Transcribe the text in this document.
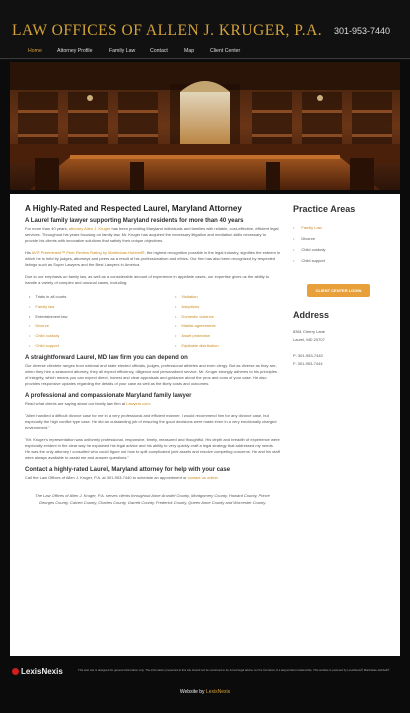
LAW OFFICES OF ALLEN J. KRUGER, P.A. 301-953-7440
Home	Attorney Profile	Family Law	Contact	Map	Client Center
A Highly-Rated and Respected Laurel, Maryland Attorney
A Laurel family lawyer supporting Maryland residents for more than 40 years

For more than 40 years, attorney Allen J. Kruger has been providing Maryland individuals and families with reliable, cost-effective, efficient legal services. Throughout his years focusing on family law, Mr. Kruger has acquired the necessary litigation and mediation skills necessary to provide his clients with innovative solutions that satisfy their unique objectives.

His AV® Preeminent™ Peer Review Rating by Martindale-Hubbell®, the highest recognition possible in the legal industry, signifies the esteem in which he is held by judges, attorneys and peers as a result of his professionalism and ethics. Our firm has also been recognized by respected listings such as Super Lawyers and the Best Lawyers in America.

Due to our emphasis on family law, as well as a considerable amount of experience in appellate cases, our expertise gives us the ability to handle a variety of complex and unusual cases, including:

• Trials in all courts
• Family law
• Entertainment law
• Divorce
• Child custody
• Child support
• Visitation
• Adoptions
• Domestic violence
• Marital agreements
• Asset protection
• Equitable distribution
A straightforward Laurel, MD law firm you can depend on

Our diverse clientele ranges from national and state elected officials, judges, professional athletes and even clergy. But as diverse as they are, when they hire a seasoned attorney, they all expect efficiency, diligence and personalized service. Mr. Kruger strongly adheres to his principles of integrity, which means you can expect direct, honest and clear appraisals and guidance about the pros and cons of your case. He also provides responsive updates regarding the details of your case as well as the likely costs and outcomes.

A professional and compassionate Maryland family lawyer

Read what clients are saying about our family law firm at Lawyers.com:

"Allen handled a difficult divorce case for me in a very professional and efficient manner. I would recommend him for any divorce case, but especially the high conflict type case. He did an outstanding job of ensuring the good decisions were made even in a very emotionally charged environment."

"Mr. Kruger's representation was uniformly professional, responsive, timely, measured and thoughtful. His depth and breadth of experience were especially evident in the clear way he explained his legal advice and his ability to very quickly craft a legal strategy that addressed my needs. He was the only attorney I consulted who could figure out how to split complicated joint assets and resolve competing concerns. He and his staff were always available to assist me and answer questions."

Contact a highly-rated Laurel, Maryland attorney for help with your case

Call the Law Offices of Allen J. Kruger, P.A. at 301-953-7440 to schedule an appointment or contact us online.

The Law Offices of Allen J. Kruger, P.A. serves clients throughout Anne Arundel County, Montgomery County, Howard County, Prince Georges County, Calvert County, Charles County, Garrett County, Frederick County, Queen Anne County and Worcester County.
Practice Areas
• Family Law
• Divorce
• Child custody
• Child support
CLIENT CENTER LOGIN
Address
8361 Cherry Lane
Laurel, MD 20707
P: 301-953-7440
F: 301-953-7444
LexisNexis	This web site is designed for general information only. The information presented at this site should not be construed to be formal legal advice nor the formation of a lawyer/client relationship. This website is powered by LexisNexis® Martindale-Hubbell®.
Website by LexisNexis
